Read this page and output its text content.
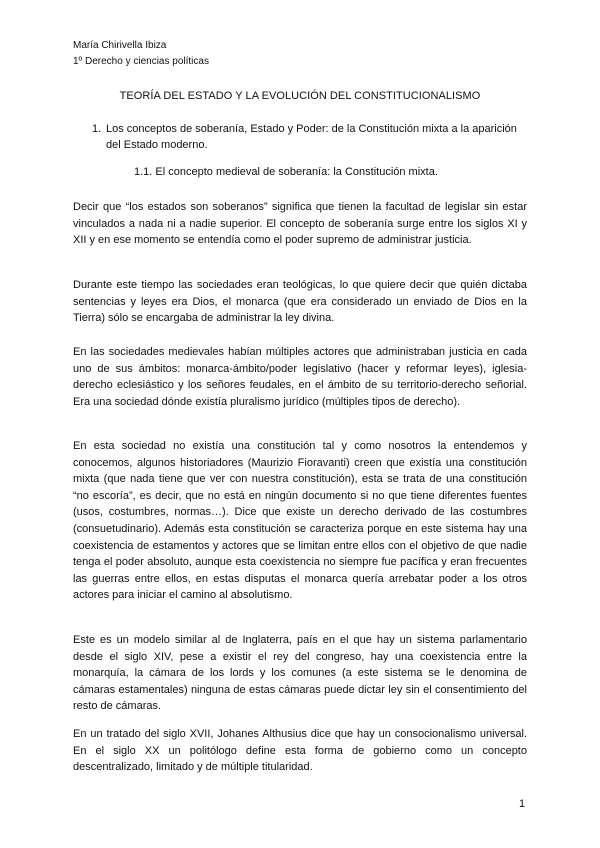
María Chirivella Ibiza
1º Derecho y ciencias políticas
TEORÍA DEL ESTADO Y LA EVOLUCIÓN DEL CONSTITUCIONALISMO
1. Los conceptos de soberanía, Estado y Poder: de la Constitución mixta a la aparición del Estado moderno.
1.1. El concepto medieval de soberanía: la Constitución mixta.

Decir que “los estados son soberanos” significa que tienen la facultad de legislar sin estar vinculados a nada ni a nadie superior. El concepto de soberanía surge entre los siglos XI y XII y en ese momento se entendía como el poder supremo de administrar justicia.

Durante este tiempo las sociedades eran teológicas, lo que quiere decir que quién dictaba sentencias y leyes era Dios, el monarca (que era considerado un enviado de Dios en la Tierra) sólo se encargaba de administrar la ley divina.

En las sociedades medievales habían múltiples actores que administraban justicia en cada uno de sus ámbitos: monarca-ámbito/poder legislativo (hacer y reformar leyes), iglesia-derecho eclesiástico y los señores feudales, en el ámbito de su territorio-derecho señorial. Era una sociedad dónde existía pluralismo jurídico (múltiples tipos de derecho).

En esta sociedad no existía una constitución tal y como nosotros la entendemos y conocemos, algunos historiadores (Maurizio Fioravanti) creen que existía una constitución mixta (que nada tiene que ver con nuestra constitución), esta se trata de una constitución “no escoría”, es decir, que no está en ningún documento si no que tiene diferentes fuentes (usos, costumbres, normas…). Dice que existe un derecho derivado de las costumbres (consuetudinario). Además esta constitución se caracteriza porque en este sistema hay una coexistencia de estamentos y actores que se limitan entre ellos con el objetivo de que nadie tenga el poder absoluto, aunque esta coexistencia no siempre fue pacífica y eran frecuentes las guerras entre ellos, en estas disputas el monarca quería arrebatar poder a los otros actores para iniciar el camino al absolutismo.

Este es un modelo similar al de Inglaterra, país en el que hay un sistema parlamentario desde el siglo XIV, pese a existir el rey del congreso, hay una coexistencia entre la monarquía, la cámara de los lords y los comunes (a este sistema se le denomina de cámaras estamentales) ninguna de estas cámaras puede dictar ley sin el consentimiento del resto de cámaras.

En un tratado del siglo XVII, Johanes Althusius dice que hay un consocionalismo universal. En el siglo XX un politólogo define esta forma de gobierno como un concepto descentralizado, limitado y de múltiple titularidad.

1
